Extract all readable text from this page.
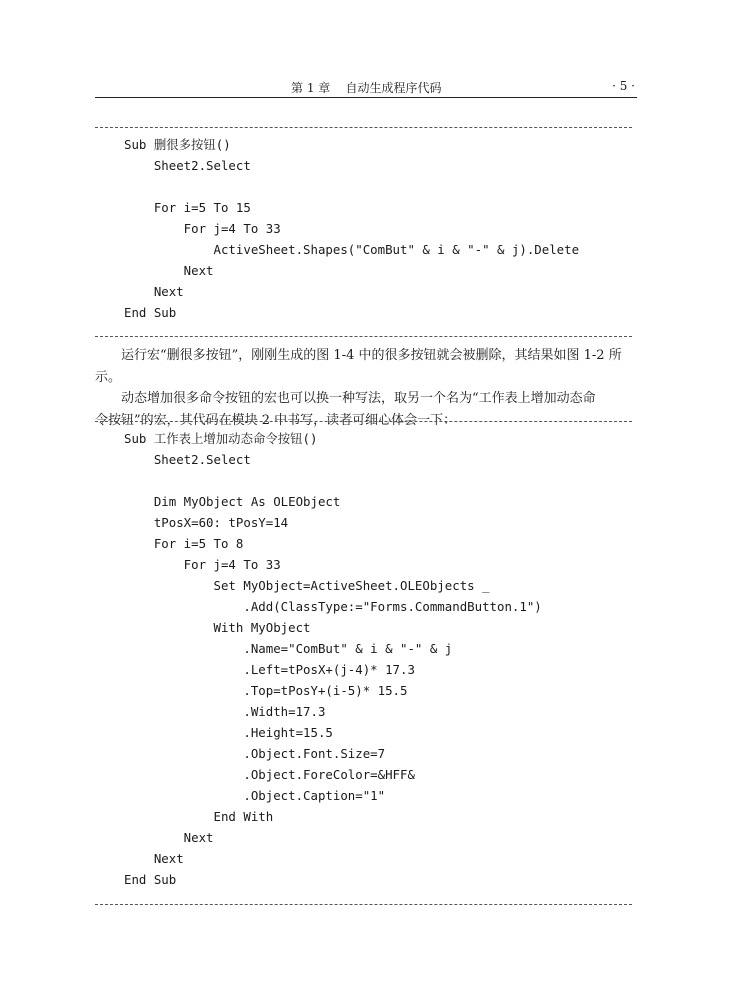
第 1 章    自动生成程序代码	· 5 ·
Sub 删很多按钮()
Sheet2.Select
For i=5 To 15
For j=4 To 33
ActiveSheet.Shapes("ComBut" & i & "-" & j).Delete
Next
Next
End Sub

运行宏“删很多按钮”，刚刚生成的图 1-4 中的很多按钮就会被删除，其结果如图 1-2 所示。

动态增加很多命令按钮的宏也可以换一种写法，取另一个名为“工作表上增加动态命

令按钮”的宏，其代码在模块 2 中书写，读者可细心体会一下：

Sub 工作表上增加动态命令按钮()
Sheet2.Select
Dim MyObject As OLEObject
tPosX=60: tPosY=14
For i=5 To 8
For j=4 To 33
Set MyObject=ActiveSheet.OLEObjects _
.Add(ClassType:="Forms.CommandButton.1")
With MyObject
.Name="ComBut" & i & "-" & j
.Left=tPosX+(j-4)* 17.3
.Top=tPosY+(i-5)* 15.5
.Width=17.3
.Height=15.5
.Object.Font.Size=7
.Object.ForeColor=&HFF&
.Object.Caption="1"
End With
Next
Next
End Sub
